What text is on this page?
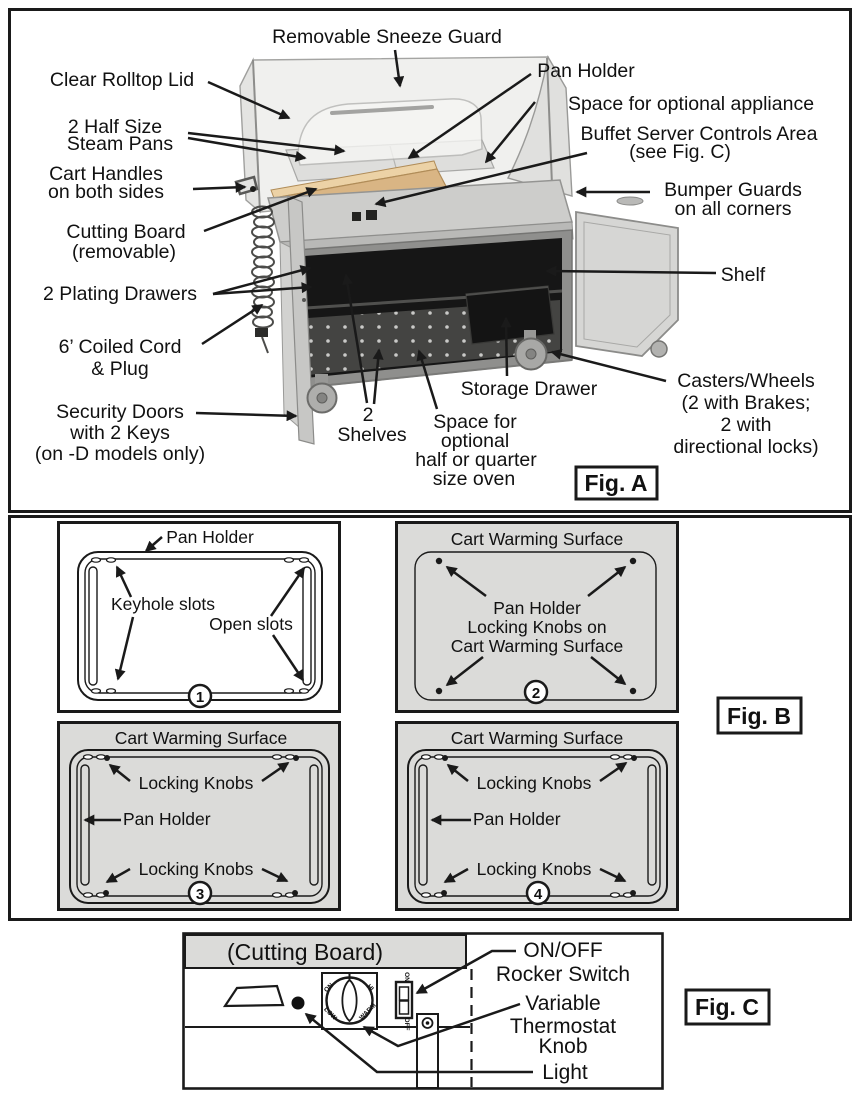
Removable Sneeze Guard
Clear Rolltop Lid
2 Half Size
Steam Pans
Cart Handles
on both sides
Cutting Board
(removable)
2 Plating Drawers
6’ Coiled Cord
& Plug
Security Doors
with 2 Keys
(on -D models only)
2
Shelves
Space for
optional
half or quarter
size oven
Storage Drawer
Pan Holder
Space for optional appliance
Buffet Server Controls Area
(see Fig. C)
Bumper Guards
on all corners
Shelf
Casters/Wheels
(2 with Brakes;
2 with
directional locks)
Fig. A
Pan Holder
Keyhole slots
Open slots
1
Cart Warming Surface
Pan Holder
Locking Knobs on
Cart Warming Surface
2
Cart Warming Surface
Locking Knobs
Pan Holder
Locking Knobs
3
Cart Warming Surface
Locking Knobs
Pan Holder
Locking Knobs
4
Fig. B
(Cutting Board)
ON	HI
LOW	WARM
ON
OFF
ON/OFF
Rocker Switch
Variable
Thermostat
Knob
Light
Fig. C
